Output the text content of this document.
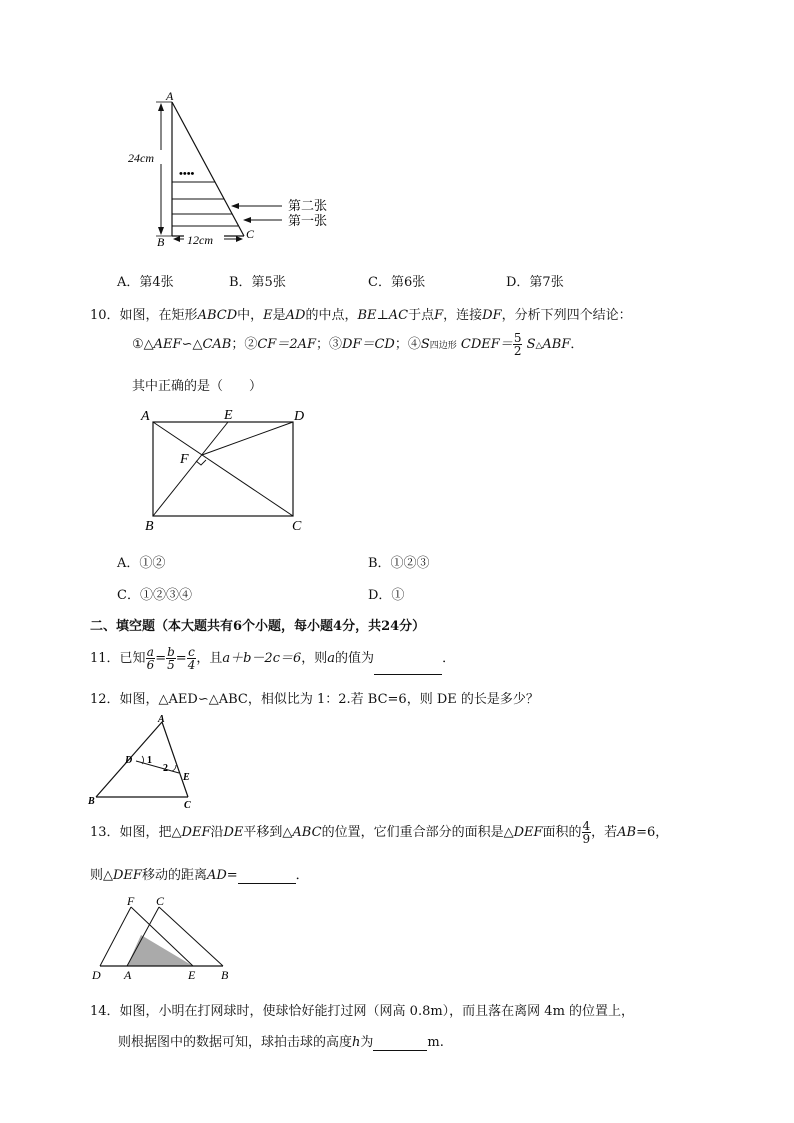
24cm
12cm
A
B
C
••••
第二张
第一张
A．第4张	B．第5张	C．第6张	D．第7张
10．如图，在矩形ABCD中，E是AD的中点，BE⊥AC于点F，连接DF，分析下列四个结论：
①△AEF∽△CAB；②CF＝2AF；③DF＝CD；④S四边形 CDEF＝ $\frac{5}{2}$ S△ABF．
其中正确的是（　　）
A	E	D
F
B	C
A．①②	B．①②③
C．①②③④	D．①
二、填空题（本大题共有6个小题，每小题4分，共24分）
11．已知 $\frac{a}{6} = \frac{b}{5} = \frac{c}{4}$ ，且a＋b－2c＝6，则a的值为	．
12．如图，△AED∽△ABC，相似比为 1：2.若 BC=6，则 DE 的长是多少？
A
D 1
2
E
B	C
13．如图，把△DEF沿DE平移到△ABC的位置，它们重合部分的面积是△DEF面积的 $\frac{4}{9}$ ，若AB=6，
则△DEF移动的距离AD=	．
F C
D A	E B
14．如图，小明在打网球时，使球恰好能打过网（网高 0.8m），而且落在离网 4m 的位置上，
则根据图中的数据可知，球拍击球的高度h为	m.
